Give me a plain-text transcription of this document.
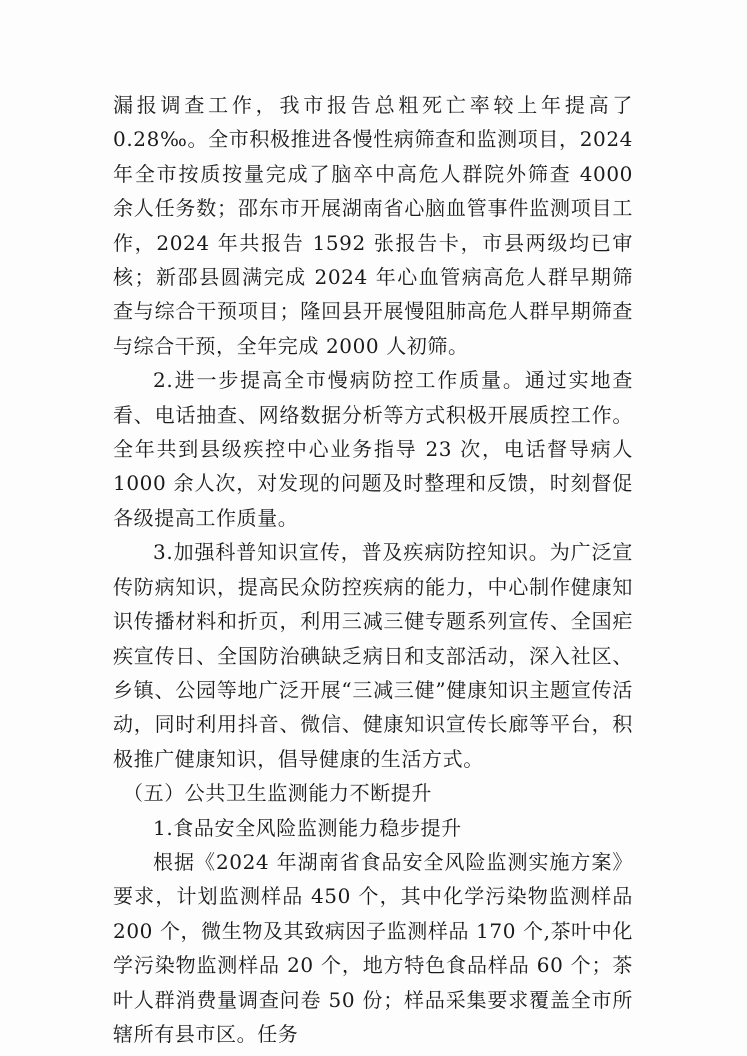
漏报调查工作，我市报告总粗死亡率较上年提高了 0.28‰。全市积极推进各慢性病筛查和监测项目，2024 年全市按质按量完成了脑卒中高危人群院外筛查 4000 余人任务数；邵东市开展湖南省心脑血管事件监测项目工作，2024 年共报告 1592 张报告卡，市县两级均已审核；新邵县圆满完成 2024 年心血管病高危人群早期筛查与综合干预项目；隆回县开展慢阻肺高危人群早期筛查与综合干预，全年完成 2000 人初筛。

2.进一步提高全市慢病防控工作质量。通过实地查看、电话抽查、网络数据分析等方式积极开展质控工作。全年共到县级疾控中心业务指导 23 次，电话督导病人 1000 余人次，对发现的问题及时整理和反馈，时刻督促各级提高工作质量。

3.加强科普知识宣传，普及疾病防控知识。为广泛宣传防病知识，提高民众防控疾病的能力，中心制作健康知识传播材料和折页，利用三减三健专题系列宣传、全国疟疾宣传日、全国防治碘缺乏病日和支部活动，深入社区、乡镇、公园等地广泛开展“三减三健”健康知识主题宣传活动，同时利用抖音、微信、健康知识宣传长廊等平台，积极推广健康知识，倡导健康的生活方式。

（五）公共卫生监测能力不断提升

1.食品安全风险监测能力稳步提升

根据《2024 年湖南省食品安全风险监测实施方案》要求，计划监测样品 450 个，其中化学污染物监测样品 200 个，微生物及其致病因子监测样品 170 个,茶叶中化学污染物监测样品 20 个，地方特色食品样品 60 个；茶叶人群消费量调查问卷 50 份；样品采集要求覆盖全市所辖所有县市区。任务
